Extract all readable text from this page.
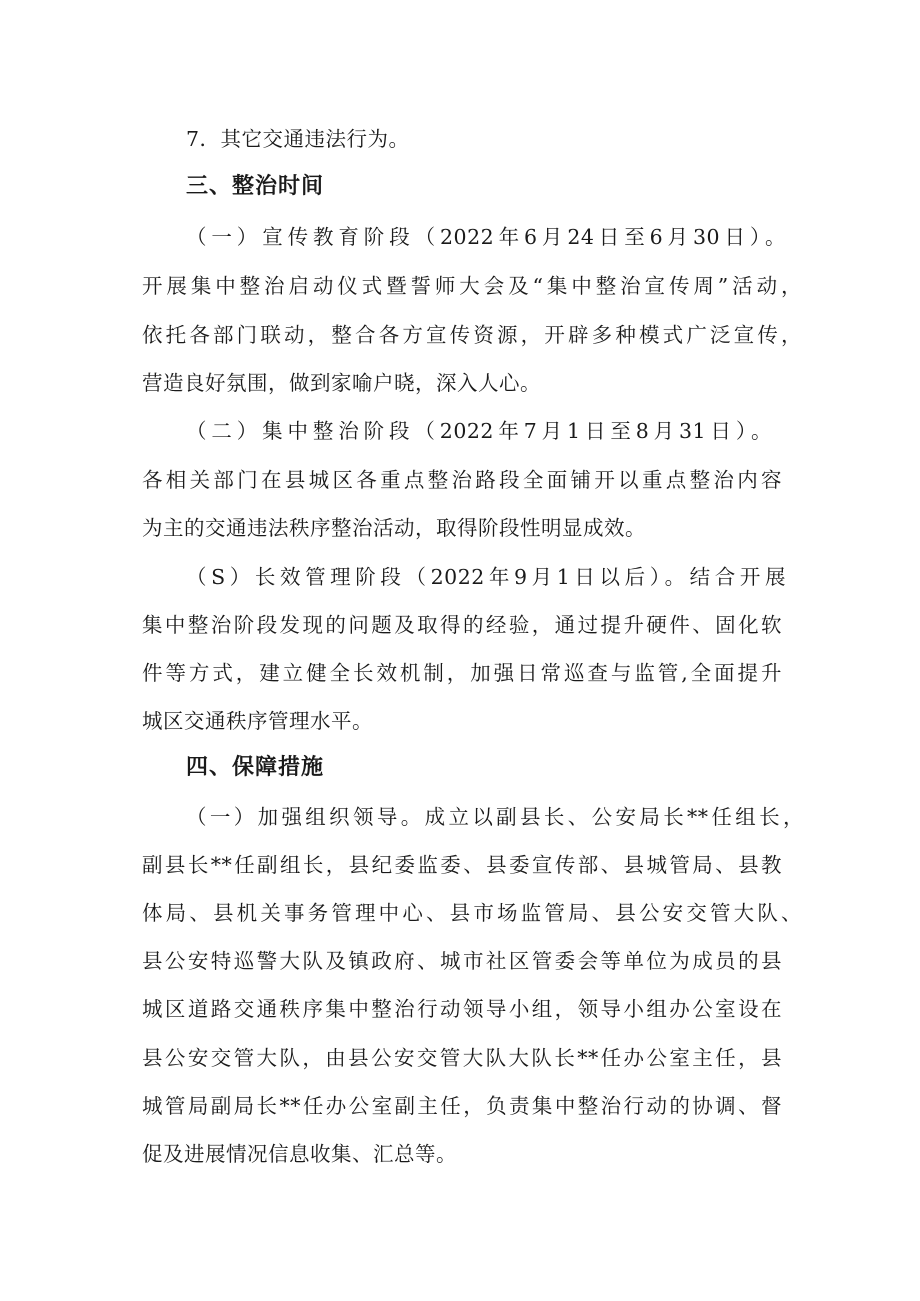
7．其它交通违法行为。
三、整治时间
（一）宣传教育阶段（2022年6月24日至6月30日）。
开展集中整治启动仪式暨誓师大会及“集中整治宣传周”活动，
依托各部门联动，整合各方宣传资源，开辟多种模式广泛宣传，
营造良好氛围，做到家喻户晓，深入人心。
（二）集中整治阶段（2022年7月1日至8月31日）。
各相关部门在县城区各重点整治路段全面铺开以重点整治内容
为主的交通违法秩序整治活动，取得阶段性明显成效。
（S）长效管理阶段（2022年9月1日以后）。结合开展
集中整治阶段发现的问题及取得的经验，通过提升硬件、固化软
件等方式，建立健全长效机制，加强日常巡查与监管,全面提升
城区交通秩序管理水平。
四、保障措施
（一）加强组织领导。成立以副县长、公安局长**任组长，
副县长**任副组长，县纪委监委、县委宣传部、县城管局、县教
体局、县机关事务管理中心、县市场监管局、县公安交管大队、
县公安特巡警大队及镇政府、城市社区管委会等单位为成员的县
城区道路交通秩序集中整治行动领导小组，领导小组办公室设在
县公安交管大队，由县公安交管大队大队长**任办公室主任，县
城管局副局长**任办公室副主任，负责集中整治行动的协调、督
促及进展情况信息收集、汇总等。
